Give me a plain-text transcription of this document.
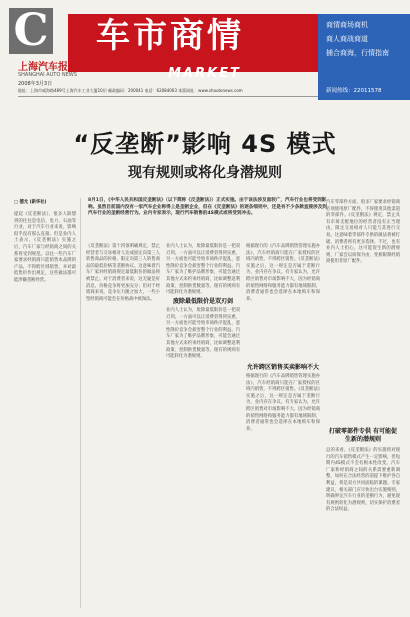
C
上海汽车报
SHANGHAI AUTO NEWS
2008年3月3日
车市商情
MARKET
商情商场商机
商人商战商道
捕合商海，行情指南
新闻热线：22011578
地址：上海市威海路489号上海汽车工业大厦10层 邮政编码：200041 电话：62084003 本版网址：www.shautonews.com
“反垄断”影响 4S 模式
现有规则或将化身潜规则
8月1日，《中华人民共和国反垄断法》（以下简称《反垄断法》）正式实施。由于该法涉及面较广，汽车行业也将受到影响。虽然目前国内没有一家汽车企业称得上是垄断企业，但在《反垄断法》的逐条细则中，还是有不少条款直接涉及到汽车行业的垄断经营行为。业内专家表示，现行汽车销售的4S模式或将受到冲击。
□ 德尤 (新华社)
提起《反垄断法》，很多人联想到的往往是电信、电力、石油等行业，对于汽车行业来说，影响似乎没有那么直接。但是业内人士表示，《反垄断法》实施之后，汽车厂家与经销商之间的关系将受到规范。以往一些汽车厂家要求经销商只能销售本品牌的产品，不得跨区域销售，并对最低售价作出规定，这些做法都可能涉嫌垄断经营。
《反垄断法》第十四条明确规定，禁止经营者与交易相对人达成固定向第三人转售商品的价格、限定向第三人转售商品的最低价格等垄断协议。这意味着汽车厂家对经销商规定最低限价的做法将被禁止。对于消费者来说，这无疑是好消息，价格竞争将更加充分；但对于经销商来说，竞争压力随之加大，一些小型经销商可能会在价格战中被淘汰。
业内人士认为，废除最低限价是一把双刃剑。一方面可以让消费者得到实惠，另一方面也可能导致市场秩序混乱，恶性降价竞争会损害整个行业的利益。汽车厂家为了维护品牌形象，可能会通过其他方式来约束经销商，比如调整返利政策、控制供货数量等，现有的规则有可能转化为潜规则。
废除最低限价是双刃剑
业内人士认为，废除最低限价是一把双刃剑。一方面可以让消费者得到实惠，另一方面也可能导致市场秩序混乱，恶性降价竞争会损害整个行业的利益。汽车厂家为了维护品牌形象，可能会通过其他方式来约束经销商，比如调整返利政策、控制供货数量等，现有的规则有可能转化为潜规则。
根据现行的《汽车品牌销售管理实施办法》，汽车经销商只能在厂家授权的区域内销售，不得跨区销售。《反垄断法》实施之后，这一规定是否属于垄断行为，业内存在争议。有专家认为，允许跨区销售对市场影响不大，因为经销商的销售网络和服务能力都有地域限制，消费者通常也会选择在本地购车和保养。
允许跨区销售买卖影响不大
根据现行的《汽车品牌销售管理实施办法》，汽车经销商只能在厂家授权的区域内销售，不得跨区销售。《反垄断法》实施之后，这一规定是否属于垄断行为，业内存在争议。有专家认为，允许跨区销售对市场影响不大，因为经销商的销售网络和服务能力都有地域限制，消费者通常也会选择在本地购车和保养。
汽车零部件方面，很多厂家要求经销商必须使用原厂配件，不得使用其他渠道的零部件。《反垄断法》规定，禁止具有市场支配地位的经营者没有正当理由，限定交易相对人只能与其进行交易。这意味着零部件专供的做法将被打破，消费者将有更多选择。不过，也有业内人士担心，这可能促生新的潜规则，厂家会以质保为由，变相限制经销商使用非原厂配件。
打破零部件专供 有可能促生新的潜规则
总的来看，《反垄断法》的实施将对现行的汽车销售模式产生一定影响，但短期内4S模式不会有根本性改变。汽车厂家和经销商之间的关系需要重新调整，如何在合法经营的前提下维护各自利益，将是双方共同面临的课题。专家建议，相关部门应尽快出台实施细则，明确界定汽车行业的垄断行为，避免现有规则转化为潜规则，切实保护消费者的合法权益。
